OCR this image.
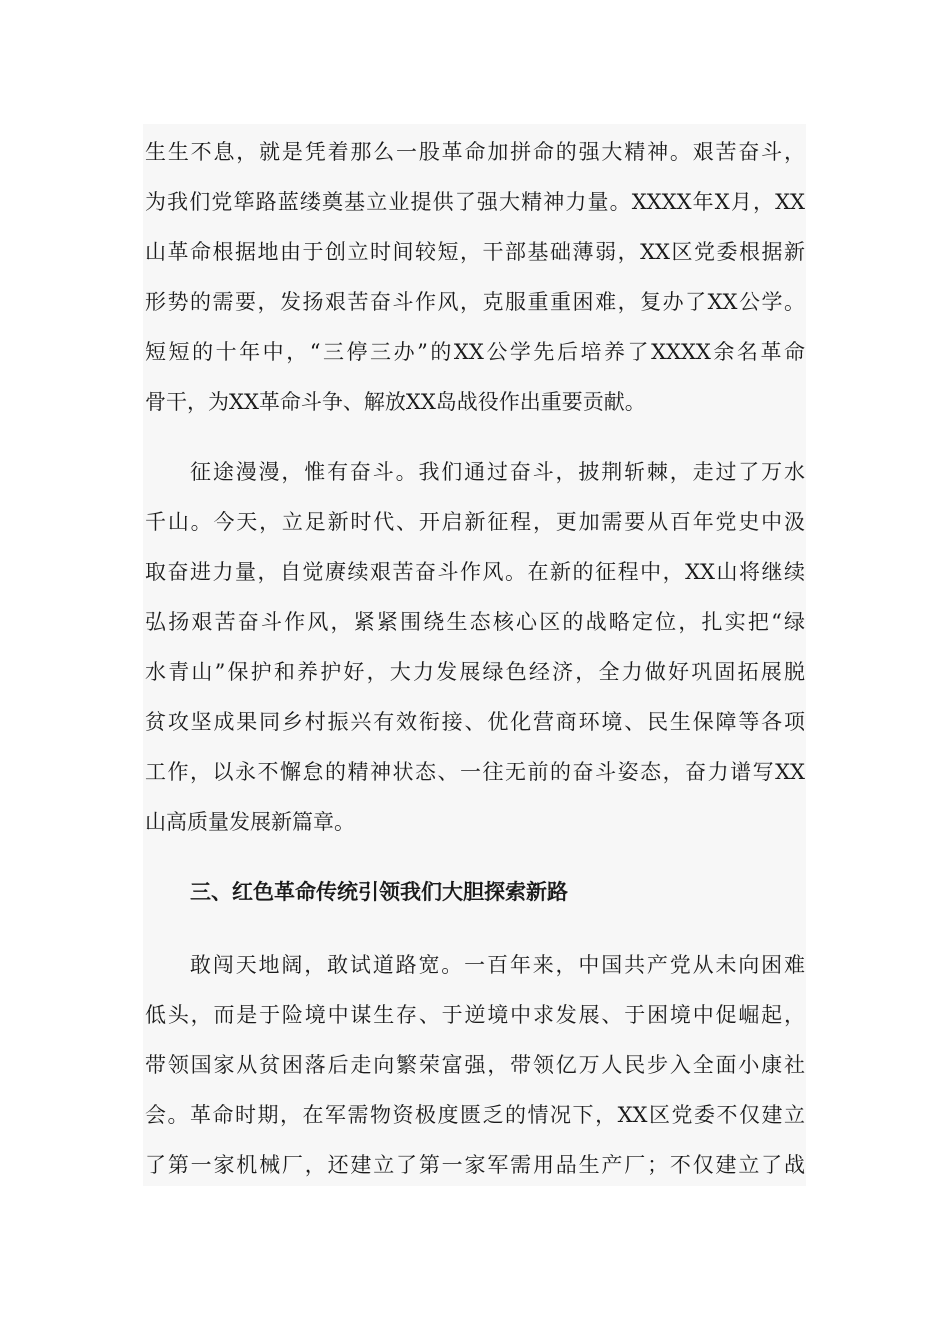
生生不息，就是凭着那么一股革命加拼命的强大精神。艰苦奋斗，
为我们党筚路蓝缕奠基立业提供了强大精神力量。XXXX年X月，XX
山革命根据地由于创立时间较短，干部基础薄弱，XX区党委根据新
形势的需要，发扬艰苦奋斗作风，克服重重困难，复办了XX公学。
短短的十年中，“三停三办”的XX公学先后培养了XXXX余名革命
骨干，为XX革命斗争、解放XX岛战役作出重要贡献。
征途漫漫，惟有奋斗。我们通过奋斗，披荆斩棘，走过了万水
千山。今天，立足新时代、开启新征程，更加需要从百年党史中汲
取奋进力量，自觉赓续艰苦奋斗作风。在新的征程中，XX山将继续
弘扬艰苦奋斗作风，紧紧围绕生态核心区的战略定位，扎实把“绿
水青山”保护和养护好，大力发展绿色经济，全力做好巩固拓展脱
贫攻坚成果同乡村振兴有效衔接、优化营商环境、民生保障等各项
工作，以永不懈怠的精神状态、一往无前的奋斗姿态，奋力谱写XX
山高质量发展新篇章。
三、红色革命传统引领我们大胆探索新路
敢闯天地阔，敢试道路宽。一百年来，中国共产党从未向困难
低头，而是于险境中谋生存、于逆境中求发展、于困境中促崛起，
带领国家从贫困落后走向繁荣富强，带领亿万人民步入全面小康社
会。革命时期，在军需物资极度匮乏的情况下，XX区党委不仅建立
了第一家机械厂，还建立了第一家军需用品生产厂；不仅建立了战
